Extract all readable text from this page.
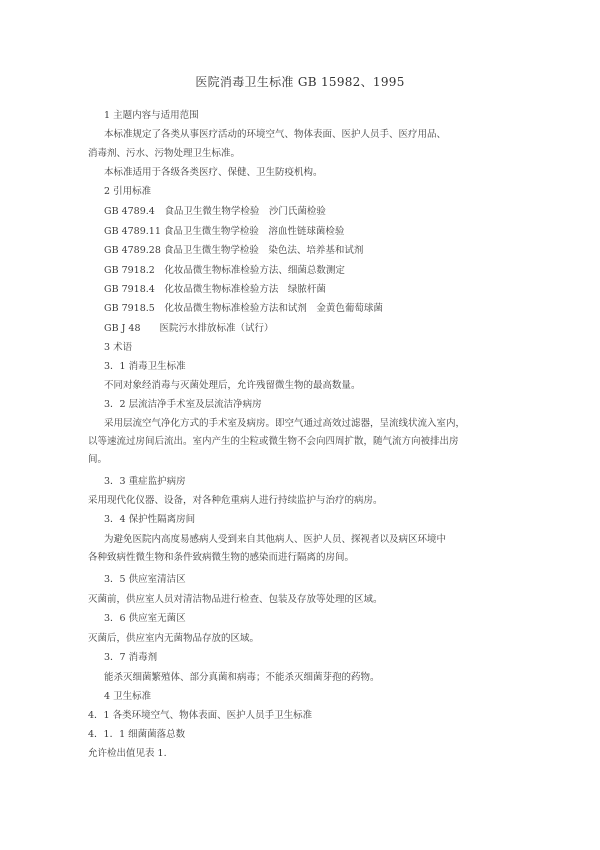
医院消毒卫生标准 GB 15982、1995
1 主题内容与适用范围
本标准规定了各类从事医疗活动的环境空气、物体表面、医护人员手、医疗用品、
消毒剂、污水、污物处理卫生标准。
本标准适用于各级各类医疗、保健、卫生防疫机构。
2 引用标准
GB 4789.4　食品卫生微生物学检验　沙门氏菌检验
GB 4789.11 食品卫生微生物学检验　溶血性链球菌检验
GB 4789.28 食品卫生微生物学检验　染色法、培养基和试剂
GB 7918.2　化妆品微生物标准检验方法、细菌总数测定
GB 7918.4　化妆品微生物标准检验方法　绿脓杆菌
GB 7918.5　化妆品微生物标准检验方法和试剂　金黄色葡萄球菌
GB J 48　　医院污水排放标准（试行）
3 术语
3．1 消毒卫生标准
不同对象经消毒与灭菌处理后，允许残留微生物的最高数量。
3．2 层流洁净手术室及层流洁净病房
采用层流空气净化方式的手术室及病房。即空气通过高效过滤器，呈流线状流入室内，
以等速流过房间后流出。室内产生的尘粒或微生物不会向四周扩散，随气流方向被排出房
间。
3．3 重症监护病房
采用现代化仪器、设备，对各种危重病人进行持续监护与治疗的病房。
3．4 保护性隔离房间
为避免医院内高度易感病人受到来自其他病人、医护人员、探视者以及病区环境中
各种致病性微生物和条件致病微生物的感染而进行隔离的房间。
3．5 供应室清洁区
灭菌前，供应室人员对清洁物品进行检查、包装及存放等处理的区域。
3．6 供应室无菌区
灭菌后，供应室内无菌物品存放的区域。
3．7 消毒剂
能杀灭细菌繁殖体、部分真菌和病毒；不能杀灭细菌芽孢的药物。
4 卫生标准
4．1 各类环境空气、物体表面、医护人员手卫生标准
4．1．1 细菌菌落总数
允许检出值见表 1.
